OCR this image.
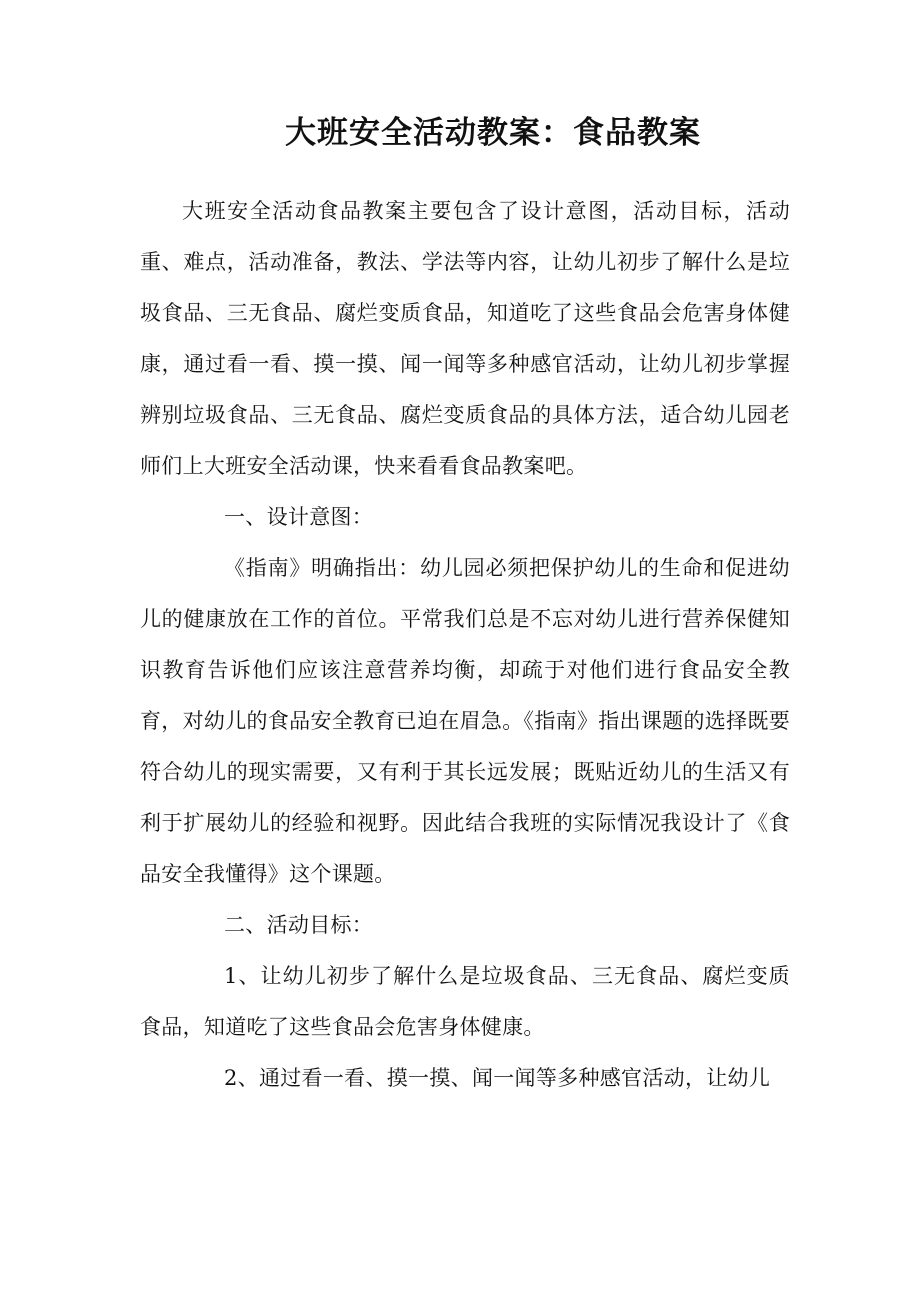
大班安全活动教案：食品教案

大班安全活动食品教案主要包含了设计意图，活动目标，活动重、难点，活动准备，教法、学法等内容，让幼儿初步了解什么是垃圾食品、三无食品、腐烂变质食品，知道吃了这些食品会危害身体健康，通过看一看、摸一摸、闻一闻等多种感官活动，让幼儿初步掌握辨别垃圾食品、三无食品、腐烂变质食品的具体方法，适合幼儿园老师们上大班安全活动课，快来看看食品教案吧。

一、设计意图：

《指南》明确指出：幼儿园必须把保护幼儿的生命和促进幼儿的健康放在工作的首位。平常我们总是不忘对幼儿进行营养保健知识教育告诉他们应该注意营养均衡，却疏于对他们进行食品安全教育，对幼儿的食品安全教育已迫在眉急。《指南》指出课题的选择既要符合幼儿的现实需要，又有利于其长远发展；既贴近幼儿的生活又有利于扩展幼儿的经验和视野。因此结合我班的实际情况我设计了《食品安全我懂得》这个课题。

二、活动目标：

1、让幼儿初步了解什么是垃圾食品、三无食品、腐烂变质食品，知道吃了这些食品会危害身体健康。

2、通过看一看、摸一摸、闻一闻等多种感官活动，让幼儿
